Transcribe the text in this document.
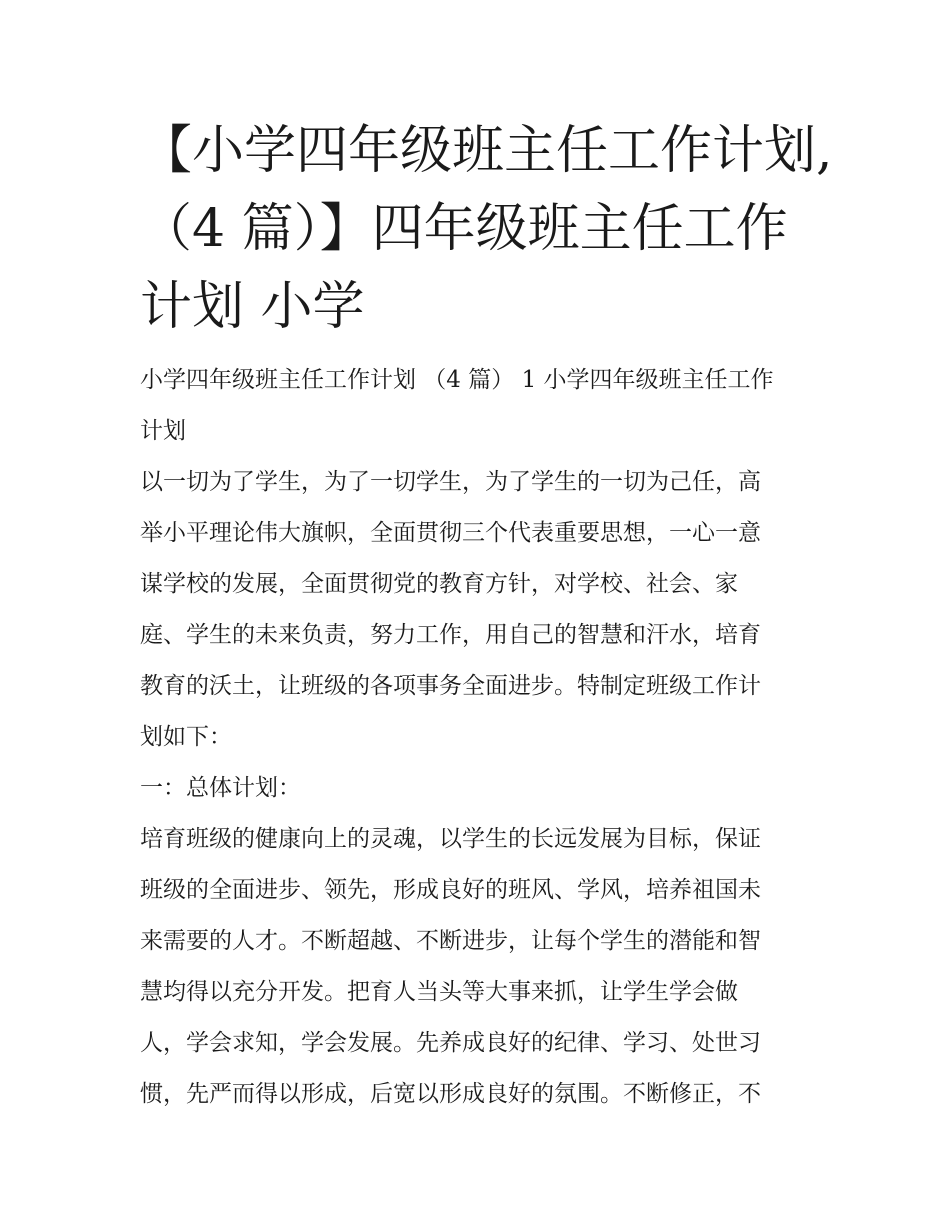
【小学四年级班主任工作计划,
（4 篇）】四年级班主任工作
计划 小学
小学四年级班主任工作计划 （4 篇） 1 小学四年级班主任工作
计划
以一切为了学生，为了一切学生，为了学生的一切为己任，高
举小平理论伟大旗帜，全面贯彻三个代表重要思想，一心一意
谋学校的发展，全面贯彻党的教育方针，对学校、社会、家
庭、学生的未来负责，努力工作，用自己的智慧和汗水，培育
教育的沃土，让班级的各项事务全面进步。特制定班级工作计
划如下：
一：总体计划：
培育班级的健康向上的灵魂，以学生的长远发展为目标，保证
班级的全面进步、领先，形成良好的班风、学风，培养祖国未
来需要的人才。不断超越、不断进步，让每个学生的潜能和智
慧均得以充分开发。把育人当头等大事来抓，让学生学会做
人，学会求知，学会发展。先养成良好的纪律、学习、处世习
惯，先严而得以形成，后宽以形成良好的氛围。不断修正，不
